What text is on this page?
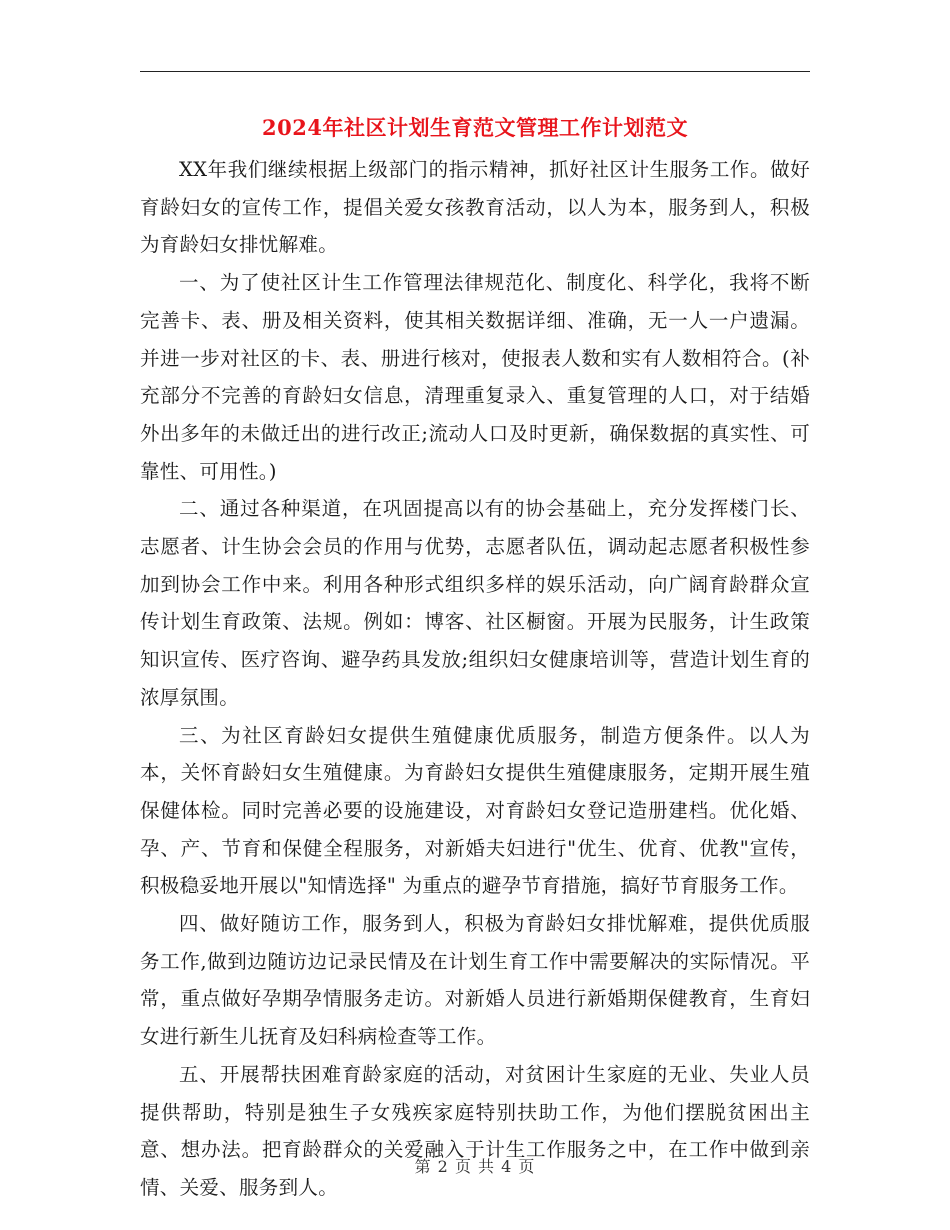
2024年社区计划生育范文管理工作计划范文

XX年我们继续根据上级部门的指示精神，抓好社区计生服务工作。做好育龄妇女的宣传工作，提倡关爱女孩教育活动，以人为本，服务到人，积极为育龄妇女排忧解难。

一、为了使社区计生工作管理法律规范化、制度化、科学化，我将不断完善卡、表、册及相关资料，使其相关数据详细、准确，无一人一户遗漏。并进一步对社区的卡、表、册进行核对，使报表人数和实有人数相符合。(补充部分不完善的育龄妇女信息，清理重复录入、重复管理的人口，对于结婚外出多年的未做迁出的进行改正;流动人口及时更新，确保数据的真实性、可靠性、可用性。)

二、通过各种渠道，在巩固提高以有的协会基础上，充分发挥楼门长、志愿者、计生协会会员的作用与优势，志愿者队伍，调动起志愿者积极性参加到协会工作中来。利用各种形式组织多样的娱乐活动，向广阔育龄群众宣传计划生育政策、法规。例如：博客、社区橱窗。开展为民服务，计生政策知识宣传、医疗咨询、避孕药具发放;组织妇女健康培训等，营造计划生育的浓厚氛围。

三、为社区育龄妇女提供生殖健康优质服务，制造方便条件。以人为本，关怀育龄妇女生殖健康。为育龄妇女提供生殖健康服务，定期开展生殖保健体检。同时完善必要的设施建设，对育龄妇女登记造册建档。优化婚、孕、产、节育和保健全程服务，对新婚夫妇进行"优生、优育、优教"宣传，积极稳妥地开展以"知情选择" 为重点的避孕节育措施，搞好节育服务工作。

四、做好随访工作，服务到人，积极为育龄妇女排忧解难，提供优质服务工作,做到边随访边记录民情及在计划生育工作中需要解决的实际情况。平常，重点做好孕期孕情服务走访。对新婚人员进行新婚期保健教育，生育妇女进行新生儿抚育及妇科病检查等工作。

五、开展帮扶困难育龄家庭的活动，对贫困计生家庭的无业、失业人员提供帮助，特别是独生子女残疾家庭特别扶助工作，为他们摆脱贫困出主意、想办法。把育龄群众的关爱融入于计生工作服务之中，在工作中做到亲情、关爱、服务到人。

第 2 页 共 4 页
